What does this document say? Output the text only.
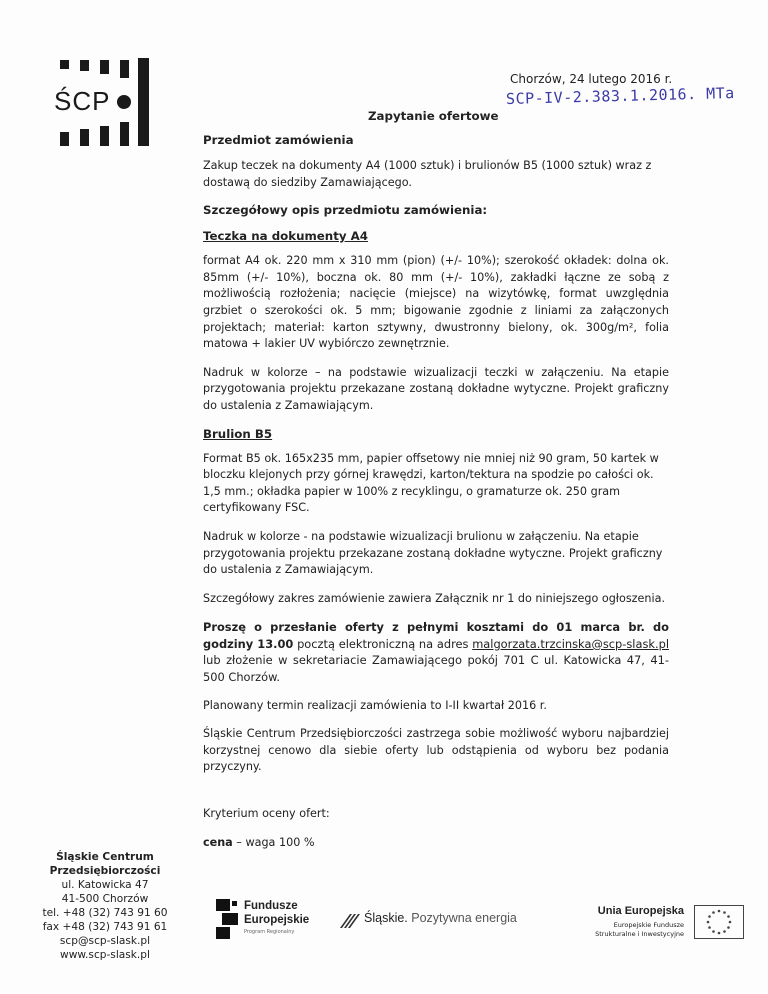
ŚCP
Chorzów, 24 lutego 2016 r.
SCP-IV-2.383.1.2016. MTa
Zapytanie ofertowe

Przedmiot zamówienia

Zakup teczek na dokumenty A4 (1000 sztuk) i brulionów B5 (1000 sztuk) wraz z dostawą do siedziby Zamawiającego.

Szczegółowy opis przedmiotu zamówienia:

Teczka na dokumenty A4

format A4 ok. 220 mm x 310 mm (pion) (+/- 10%); szerokość okładek: dolna ok. 85mm (+/- 10%), boczna ok. 80 mm (+/- 10%), zakładki łączne ze sobą z możliwością rozłożenia; nacięcie (miejsce) na wizytówkę, format uwzględnia grzbiet o szerokości ok. 5 mm; bigowanie zgodnie z liniami za załączonych projektach; materiał: karton sztywny, dwustronny bielony, ok. 300g/m², folia matowa + lakier UV wybiórczo zewnętrznie.

Nadruk w kolorze – na podstawie wizualizacji teczki w załączeniu. Na etapie przygotowania projektu przekazane zostaną dokładne wytyczne. Projekt graficzny do ustalenia z Zamawiającym.

Brulion B5

Format B5 ok. 165x235 mm, papier offsetowy nie mniej niż 90 gram, 50 kartek w bloczku klejonych przy górnej krawędzi, karton/tektura na spodzie po całości ok. 1,5 mm.; okładka papier w 100% z recyklingu, o gramaturze ok. 250 gram certyfikowany FSC.

Nadruk w kolorze - na podstawie wizualizacji brulionu w załączeniu. Na etapie przygotowania projektu przekazane zostaną dokładne wytyczne. Projekt graficzny do ustalenia z Zamawiającym.

Szczegółowy zakres zamówienie zawiera Załącznik nr 1 do niniejszego ogłoszenia.

Proszę o przesłanie oferty z pełnymi kosztami do 01 marca br. do godziny 13.00 pocztą elektroniczną na adres malgorzata.trzcinska@scp-slask.pl lub złożenie w sekretariacie Zamawiającego pokój 701 C ul. Katowicka 47, 41-500 Chorzów.

Planowany termin realizacji zamówienia to I-II kwartał 2016 r.

Śląskie Centrum Przedsiębiorczości zastrzega sobie możliwość wyboru najbardziej korzystnej cenowo dla siebie oferty lub odstąpienia od wyboru bez podania przyczyny.

Kryterium oceny ofert:

cena – waga 100 %

Śląskie Centrum
Przedsiębiorczości
ul. Katowicka 47
41-500 Chorzów
tel. +48 (32) 743 91 60
fax +48 (32) 743 91 61
scp@scp-slask.pl
www.scp-slask.pl
Fundusze
Europejskie
Program Regionalny
Śląskie. Pozytywna energia	Unia Europejska
Europejskie Fundusze
Strukturalne i Inwestycyjne
